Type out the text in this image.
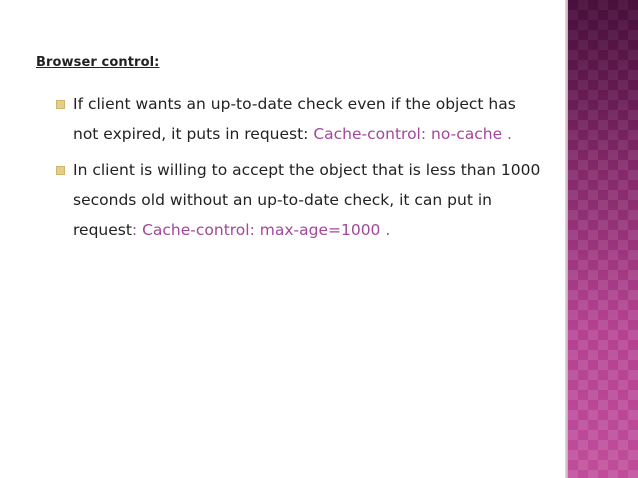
Browser control:
If client wants an up-to-date check even if the object has not expired, it puts in request: Cache-control: no-cache .
In client is willing to accept the object that is less than 1000 seconds old without an up-to-date check, it can put in request: Cache-control: max-age=1000 .
